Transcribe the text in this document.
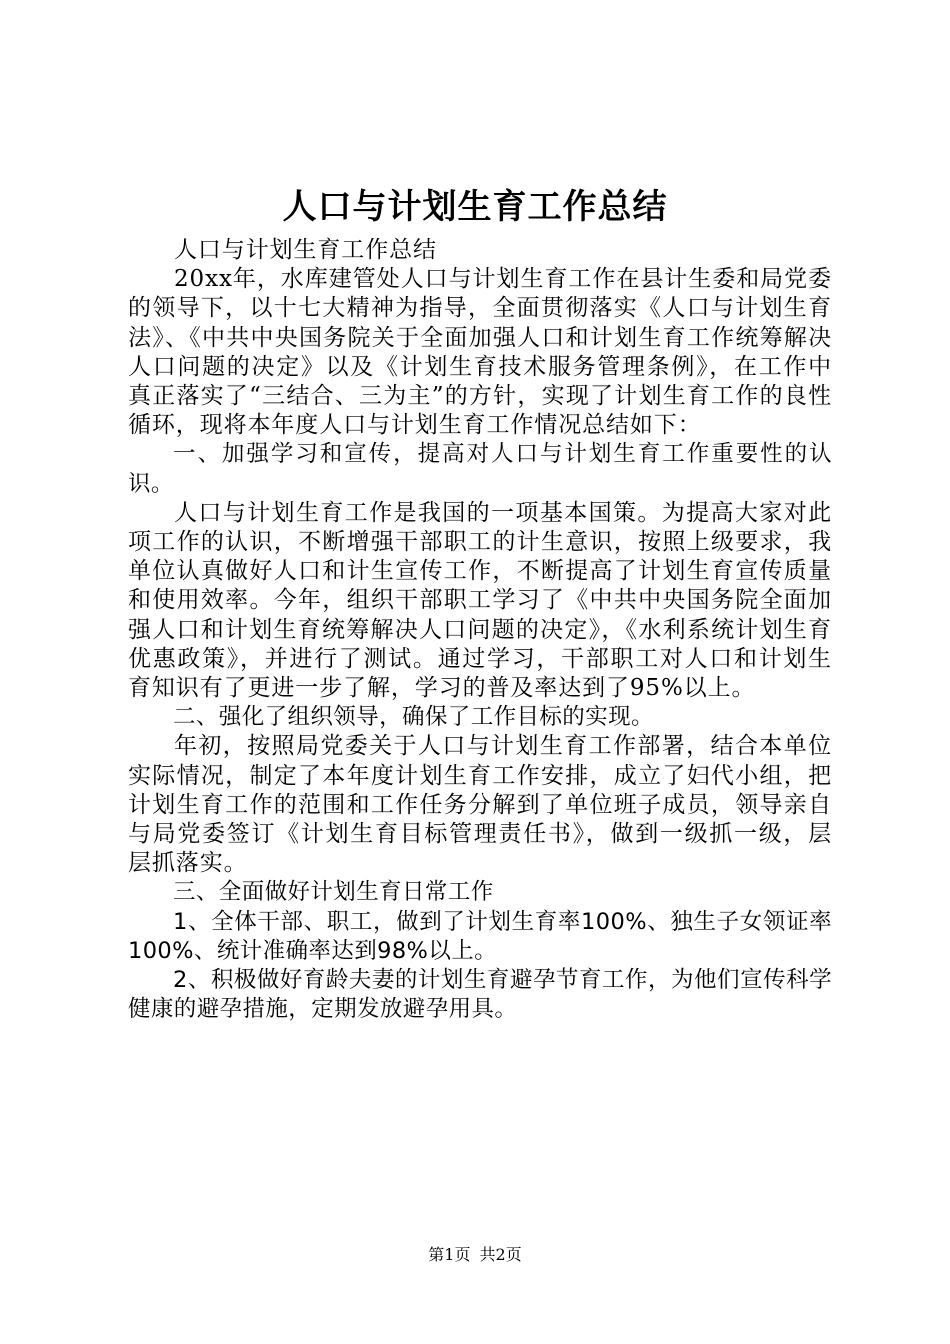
人口与计划生育工作总结

人口与计划生育工作总结

20xx年，水库建管处人口与计划生育工作在县计生委和局党委的领导下，以十七大精神为指导，全面贯彻落实《人口与计划生育法》、《中共中央国务院关于全面加强人口和计划生育工作统筹解决人口问题的决定》以及《计划生育技术服务管理条例》，在工作中真正落实了“三结合、三为主”的方针，实现了计划生育工作的良性循环，现将本年度人口与计划生育工作情况总结如下：

一、加强学习和宣传，提高对人口与计划生育工作重要性的认识。

人口与计划生育工作是我国的一项基本国策。为提高大家对此项工作的认识，不断增强干部职工的计生意识，按照上级要求，我单位认真做好人口和计生宣传工作，不断提高了计划生育宣传质量和使用效率。今年，组织干部职工学习了《中共中央国务院全面加强人口和计划生育统筹解决人口问题的决定》，《水利系统计划生育优惠政策》，并进行了测试。通过学习，干部职工对人口和计划生育知识有了更进一步了解，学习的普及率达到了95%以上。

二、强化了组织领导，确保了工作目标的实现。

年初，按照局党委关于人口与计划生育工作部署，结合本单位实际情况，制定了本年度计划生育工作安排，成立了妇代小组，把计划生育工作的范围和工作任务分解到了单位班子成员，领导亲自与局党委签订《计划生育目标管理责任书》，做到一级抓一级，层层抓落实。

三、全面做好计划生育日常工作

1、全体干部、职工，做到了计划生育率100%、独生子女领证率100%、统计准确率达到98%以上。

2、积极做好育龄夫妻的计划生育避孕节育工作，为他们宣传科学健康的避孕措施，定期发放避孕用具。

第1页 共2页
